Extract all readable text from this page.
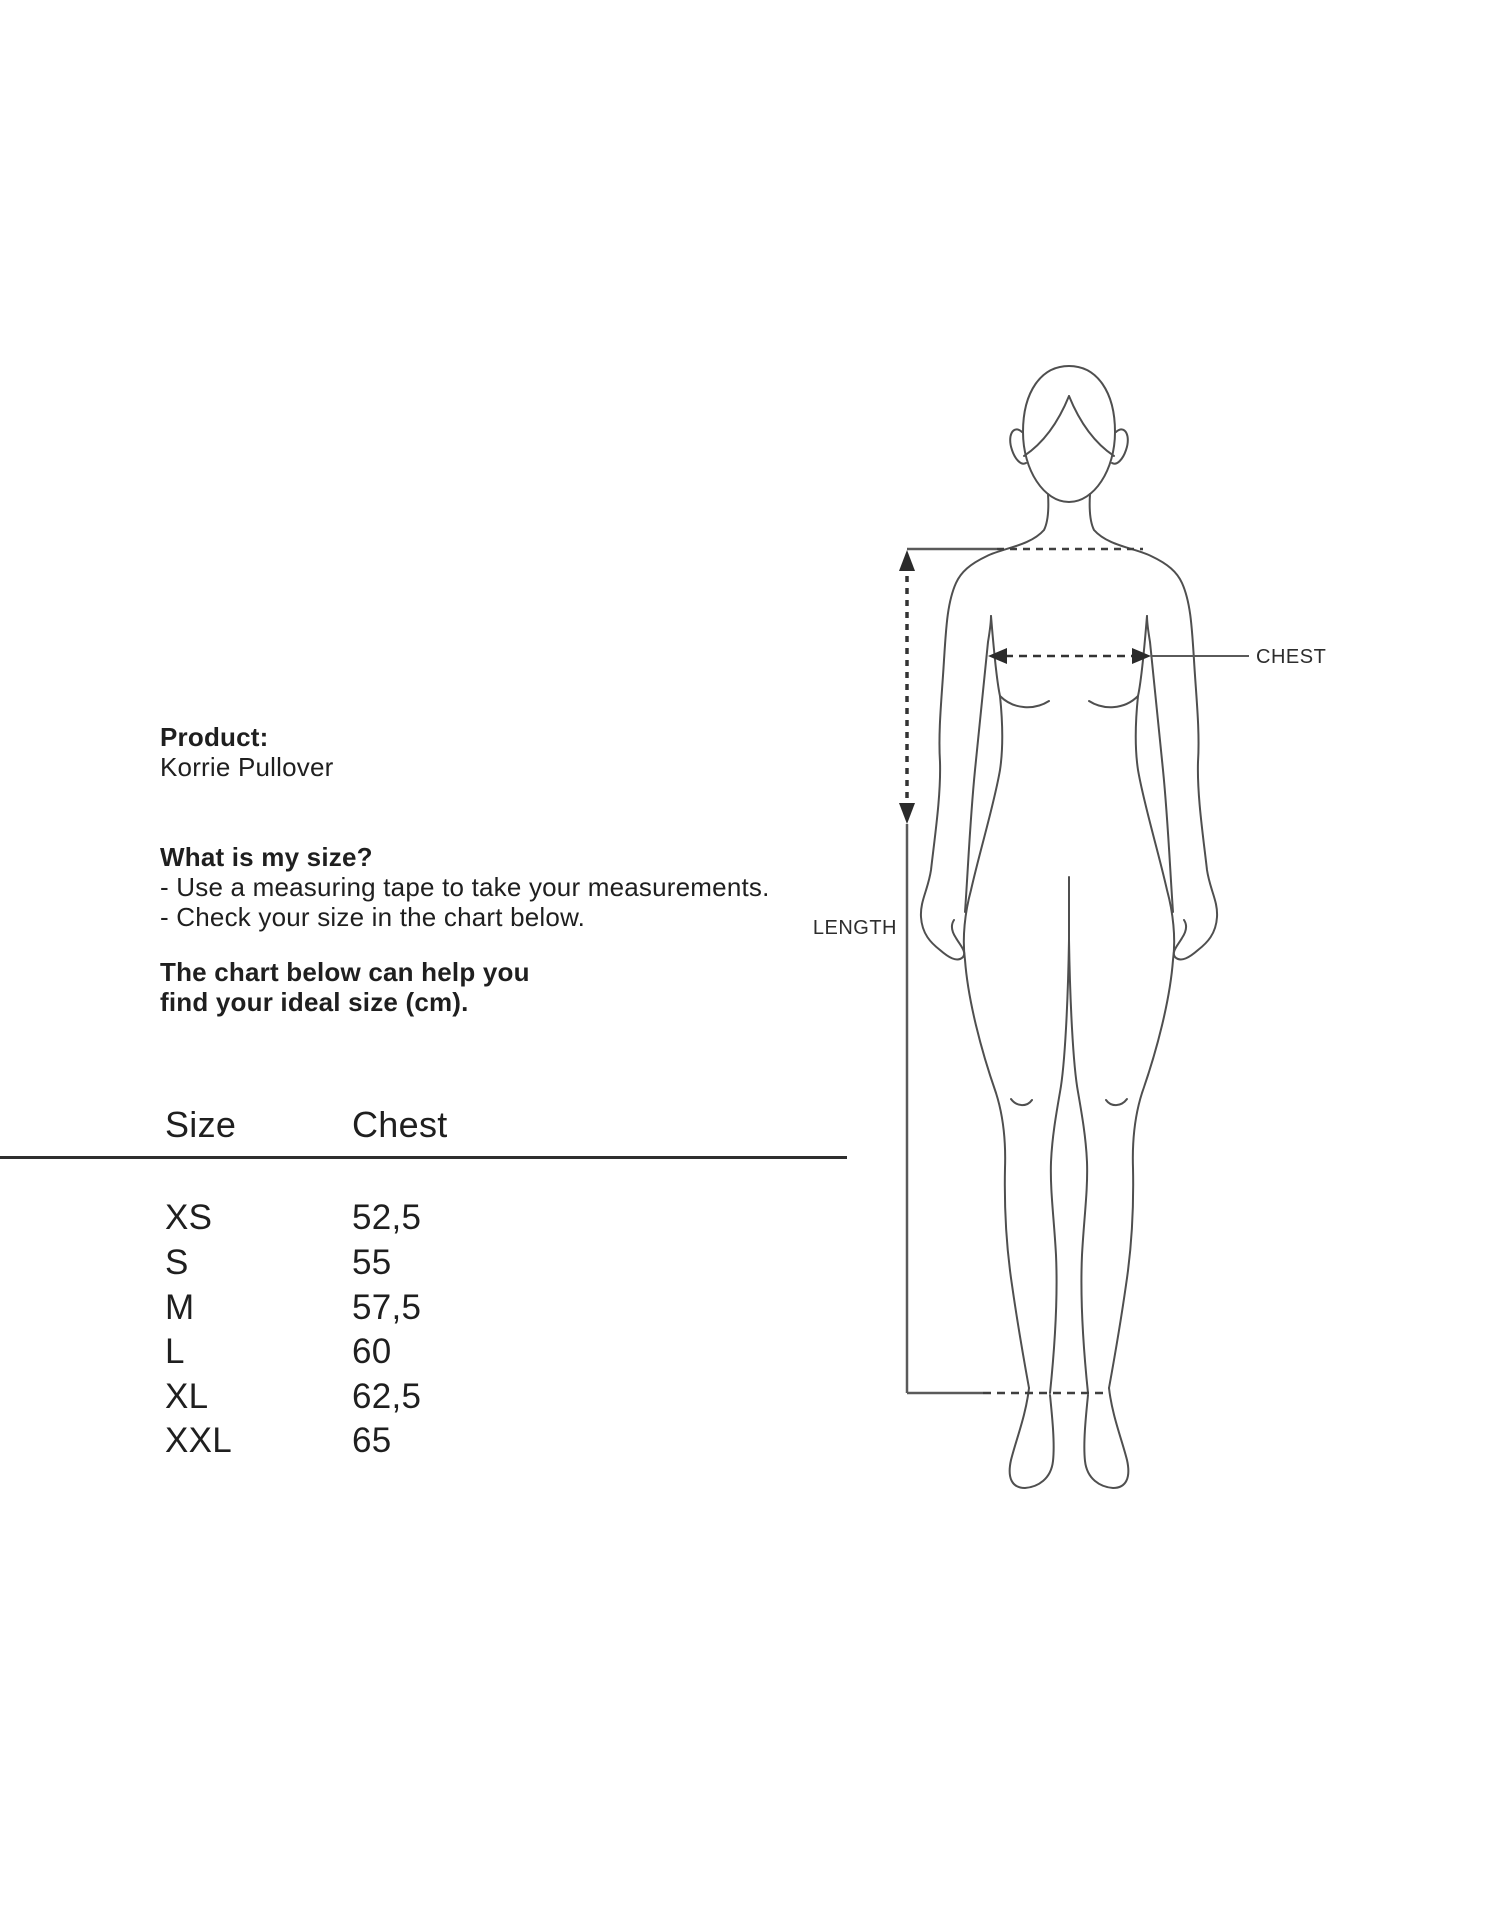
Product:
Korrie Pullover
What is my size?
- Use a measuring tape to take your measurements.
- Check your size in the chart below.
The chart below can help you
find your ideal size (cm).
Size	Chest
XS	52,5
S	55
M	57,5
L	60
XL	62,5
XXL	65
LENGTH
CHEST
